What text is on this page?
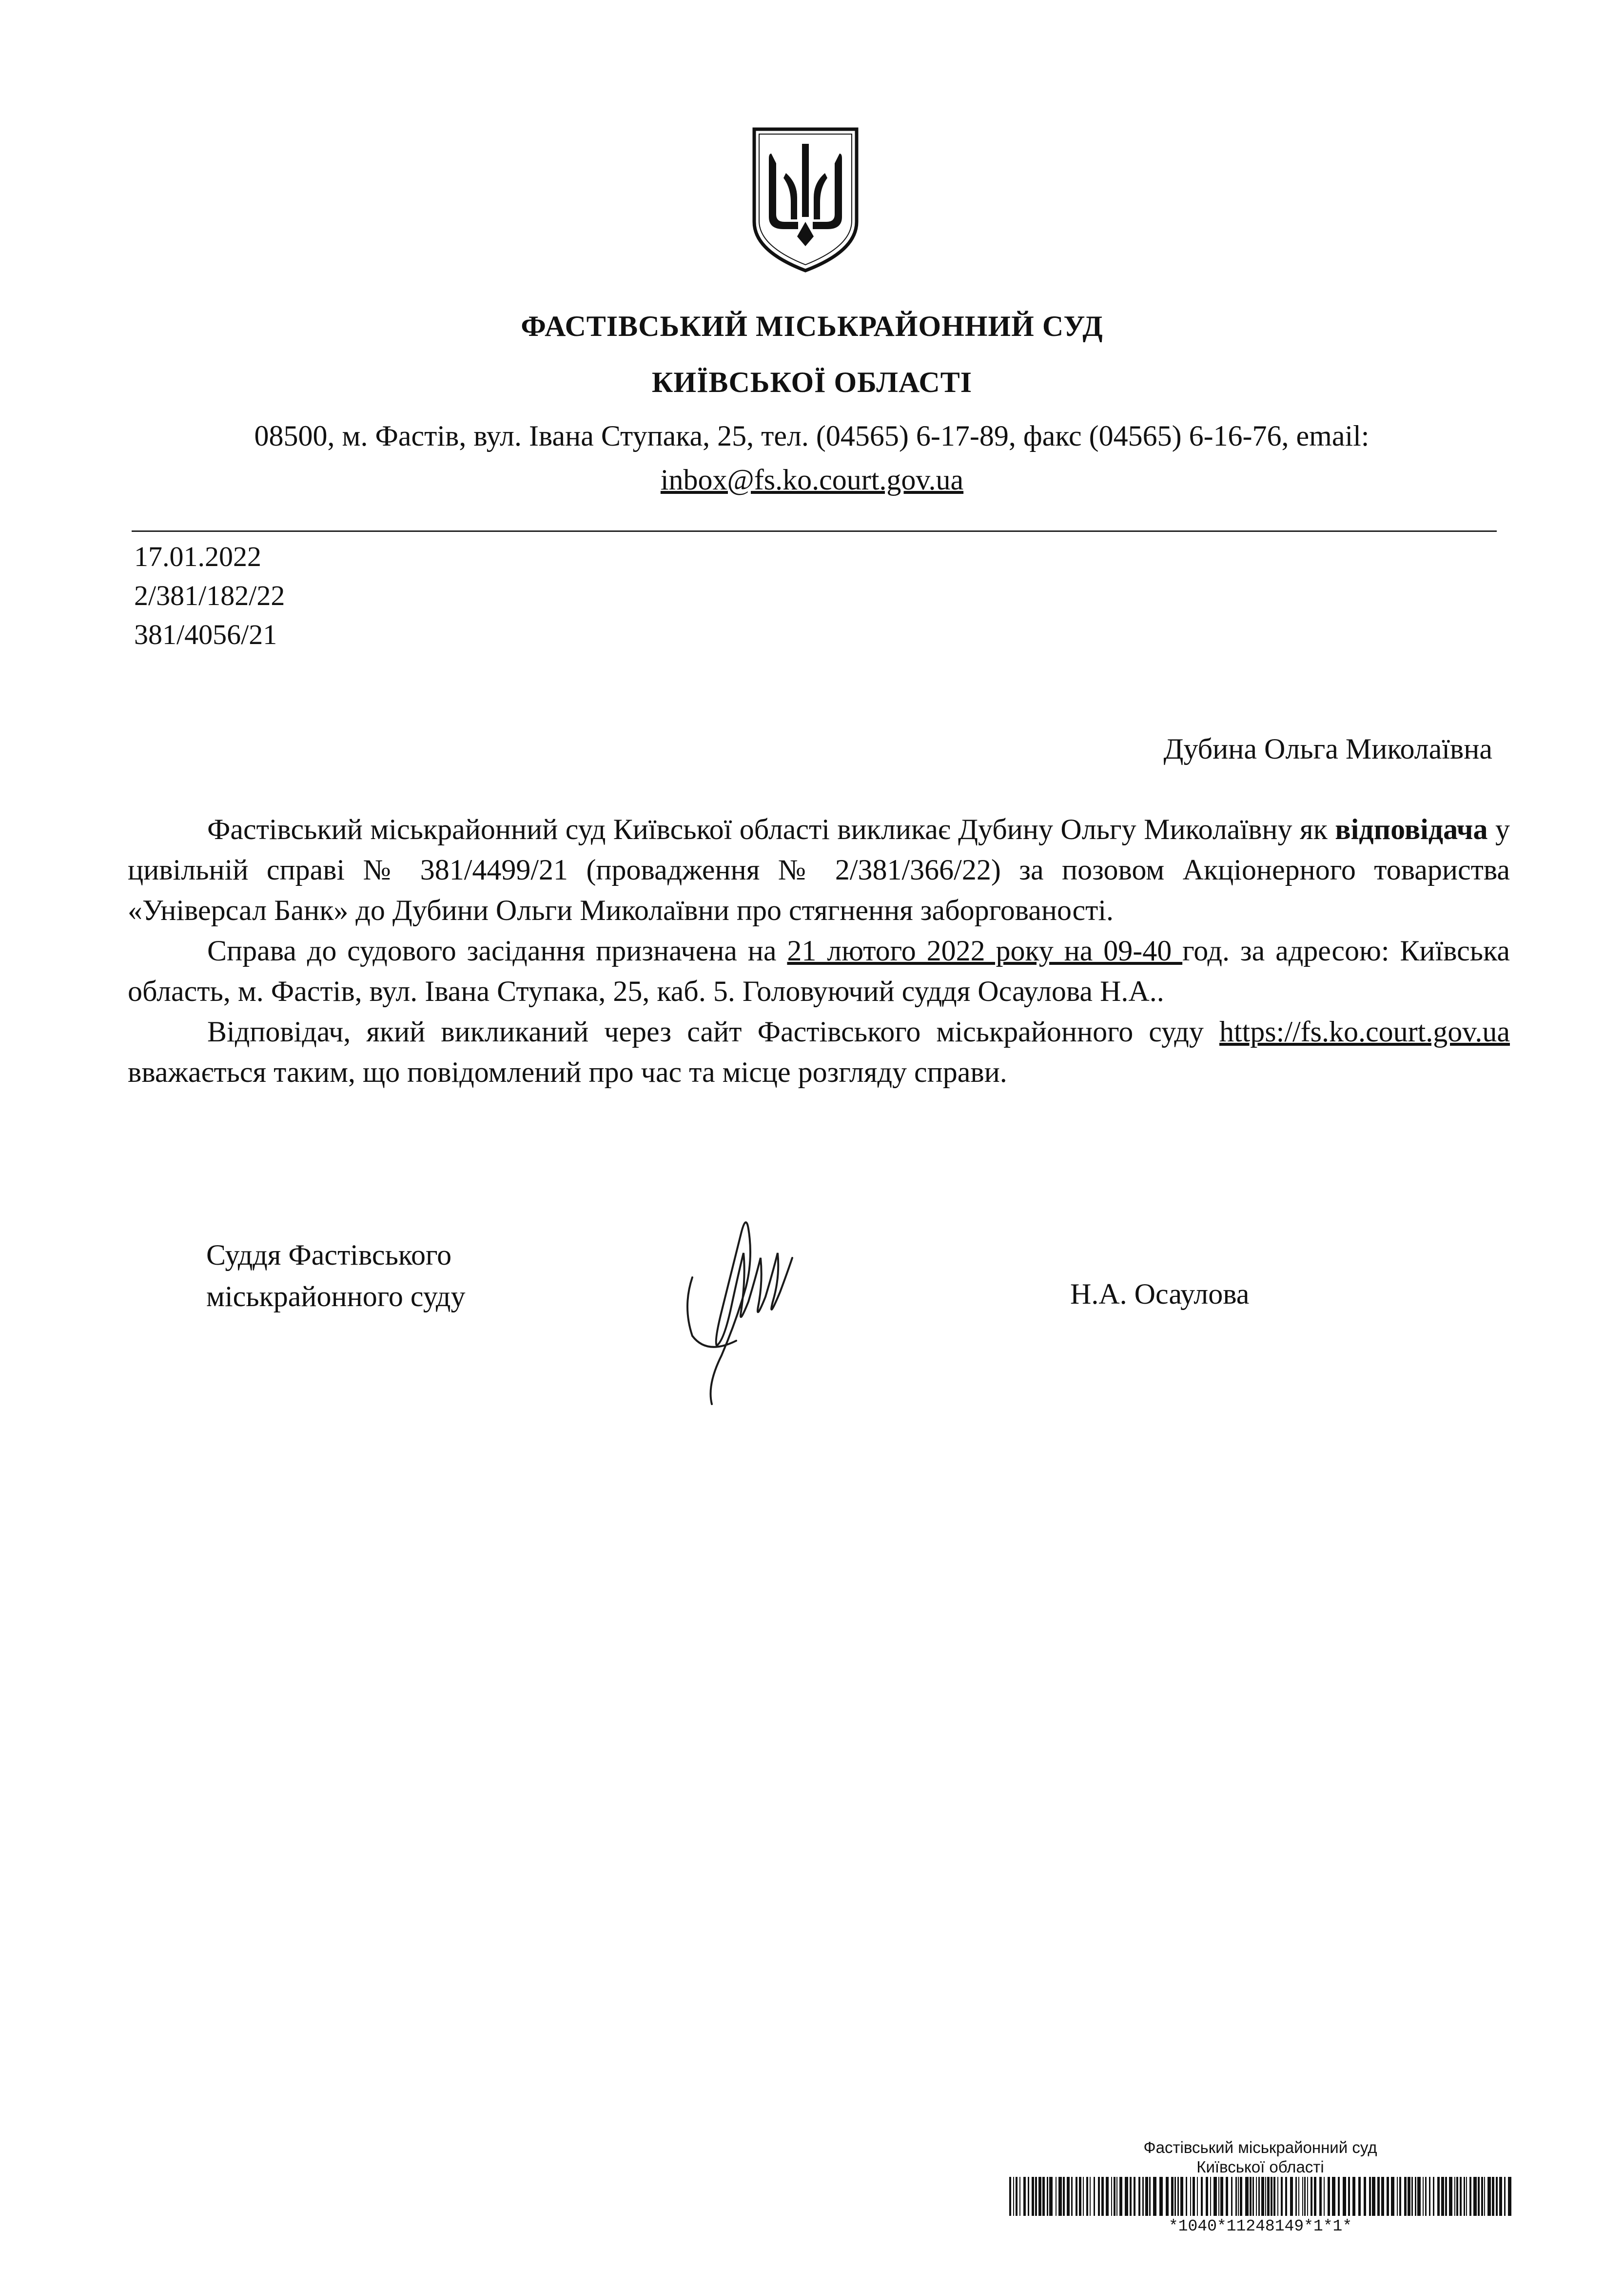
ФАСТІВСЬКИЙ МІСЬКРАЙОННИЙ СУД
КИЇВСЬКОЇ ОБЛАСТІ
08500, м. Фастів, вул. Івана Ступака, 25, тел. (04565) 6-17-89, факс (04565) 6-16-76, email:
inbox@fs.ko.court.gov.ua
17.01.2022
2/381/182/22
381/4056/21
Дубина Ольга Миколаївна

Фастівський міськрайонний суд Київської області викликає Дубину Ольгу Миколаївну як відповідача у цивільній справі № 381/4499/21 (провадження № 2/381/366/22) за позовом Акціонерного товариства «Універсал Банк» до Дубини Ольги Миколаївни про стягнення заборгованості.

Справа до судового засідання призначена на 21 лютого 2022 року на 09-40 год. за адресою: Київська область, м. Фастів, вул. Івана Ступака, 25, каб. 5. Головуючий суддя Осаулова Н.А..

Відповідач, який викликаний через сайт Фастівського міськрайонного суду https://fs.ko.court.gov.ua вважається таким, що повідомлений про час та місце розгляду справи.

Суддя Фастівського
міськрайонного суду	Н.А. Осаулова
Фастівський міськрайонний суд
Київської області
*1040*11248149*1*1*
